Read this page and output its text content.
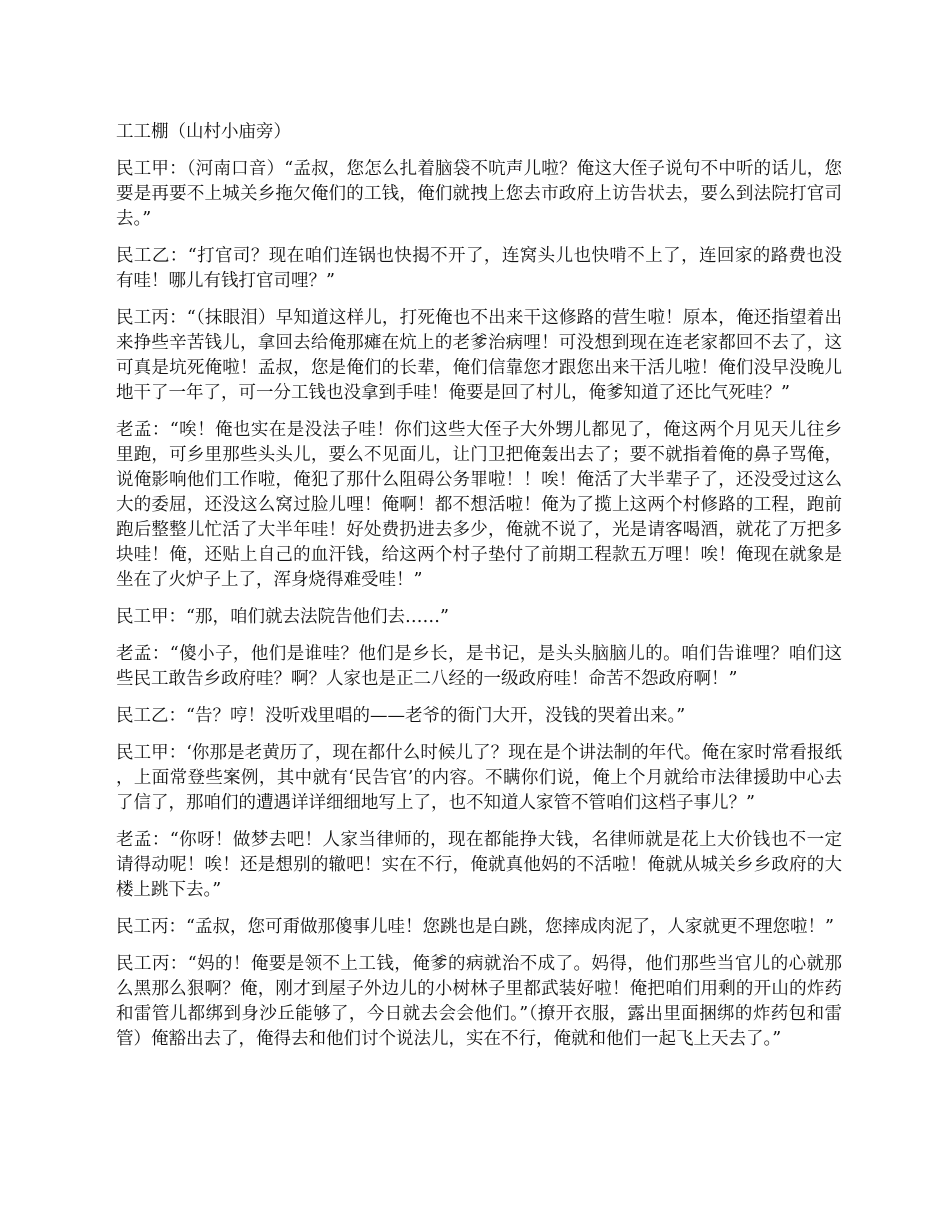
工工棚（山村小庙旁）

民工甲：（河南口音）“孟叔，您怎么扎着脑袋不吭声儿啦？俺这大侄子说句不中听的话儿，您要是再要不上城关乡拖欠俺们的工钱，俺们就拽上您去市政府上访告状去，要么到法院打官司去。”

民工乙：“打官司？现在咱们连锅也快揭不开了，连窝头儿也快啃不上了，连回家的路费也没有哇！哪儿有钱打官司哩？”

民工丙：“（抹眼泪）早知道这样儿，打死俺也不出来干这修路的营生啦！原本，俺还指望着出来挣些辛苦钱儿，拿回去给俺那瘫在炕上的老爹治病哩！可没想到现在连老家都回不去了，这可真是坑死俺啦！孟叔，您是俺们的长辈，俺们信靠您才跟您出来干活儿啦！俺们没早没晚儿地干了一年了，可一分工钱也没拿到手哇！俺要是回了村儿，俺爹知道了还比气死哇？”

老孟：“唉！俺也实在是没法子哇！你们这些大侄子大外甥儿都见了，俺这两个月见天儿往乡里跑，可乡里那些头头儿，要么不见面儿，让门卫把俺轰出去了；要不就指着俺的鼻子骂俺，说俺影响他们工作啦，俺犯了那什么阻碍公务罪啦！！唉！俺活了大半辈子了，还没受过这么大的委屈，还没这么窝过脸儿哩！俺啊！都不想活啦！俺为了揽上这两个村修路的工程，跑前跑后整整儿忙活了大半年哇！好处费扔进去多少，俺就不说了，光是请客喝酒，就花了万把多块哇！俺，还贴上自己的血汗钱，给这两个村子垫付了前期工程款五万哩！唉！俺现在就象是坐在了火炉子上了，浑身烧得难受哇！”

民工甲：“那，咱们就去法院告他们去……”

老孟：“傻小子，他们是谁哇？他们是乡长，是书记，是头头脑脑儿的。咱们告谁哩？咱们这些民工敢告乡政府哇？啊？人家也是正二八经的一级政府哇！命苦不怨政府啊！”

民工乙：“告？哼！没听戏里唱的——老爷的衙门大开，没钱的哭着出来。”

民工甲：‘你那是老黄历了，现在都什么时候儿了？现在是个讲法制的年代。俺在家时常看报纸，上面常登些案例，其中就有‘民告官’的内容。不瞒你们说，俺上个月就给市法律援助中心去了信了，那咱们的遭遇详详细细地写上了，也不知道人家管不管咱们这档子事儿？”

老孟：“你呀！做梦去吧！人家当律师的，现在都能挣大钱，名律师就是花上大价钱也不一定请得动呢！唉！还是想别的辙吧！实在不行，俺就真他妈的不活啦！俺就从城关乡乡政府的大楼上跳下去。”

民工丙：“孟叔，您可甭做那傻事儿哇！您跳也是白跳，您摔成肉泥了，人家就更不理您啦！”

民工丙：“妈的！俺要是领不上工钱，俺爹的病就治不成了。妈得，他们那些当官儿的心就那么黑那么狠啊？俺，刚才到屋子外边儿的小树林子里都武装好啦！俺把咱们用剩的开山的炸药和雷管儿都绑到身沙丘能够了，今日就去会会他们。”（撩开衣服，露出里面捆绑的炸药包和雷管）俺豁出去了，俺得去和他们讨个说法儿，实在不行，俺就和他们一起飞上天去了。”
